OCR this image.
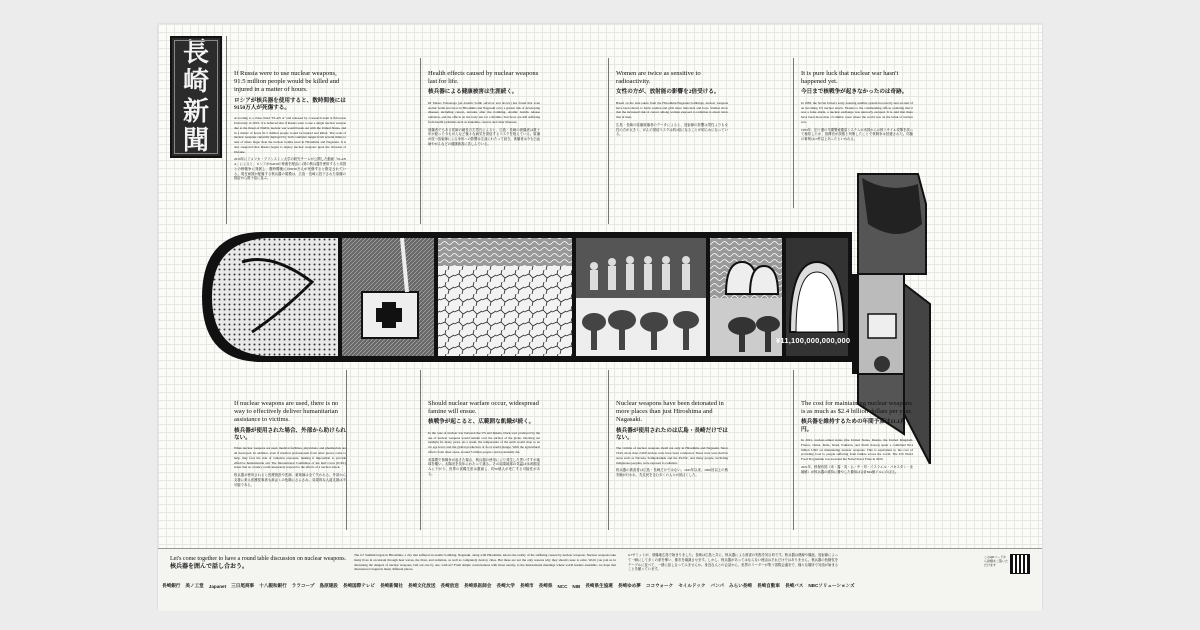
長
崎
新
聞
If Russia were to use nuclear weapons, 91.5 million people would be killed and injured in a matter of hours.
ロシアが核兵器を使用すると、数時間後には9150万人が死傷する。

According to a video titled "PLAN A" and released by a research team at Princeton University in 2019, it is believed that if Russia were to use a single nuclear weapon due to the threat of NATO, nuclear war would break out with the United States, and in a matter of hours 91.5 million people would be injured and killed. The scale of nuclear weapons currently deployed by both countries ranges from several times to tens of times larger than the nuclear bombs used in Hiroshima and Nagasaki. It is also suspected that Russia began to deploy nuclear weapons upon the invasion of Ukraine.

2019年にアメリカ・プリンストン大学の研究チームが公開した動画「PLAN A」によると、ロシアがNATOの脅威を理由に1発の核兵器を使用すると米国との核戦争に発展し、数時間後には9150万人が死傷すると推定されている。現在両国が配備する核兵器の規模は、広島・長崎に投下された原爆の数倍から数十倍に及ぶ。

Health effects caused by nuclear weapons last for life.
核兵器による健康被害は生涯続く。

Dr Masao Tomonaga (an Atomic bomb survivor and doctor) has found that even atomic bomb survivors in Hiroshima and Nagasaki carry a greater risk of developing diseases including cancer, decades after the bombing. Atomic bombs release radiation, and the effects on the body last for a lifetime. Survivors are still suffering from health problems such as leukemia, cancers and other illnesses.

被爆者でもある医師の朝長万左男氏によると、広島・長崎の被爆者は数十年が経った今もがんなど様々な病気を発症するリスクを抱えている。原爆が放つ放射線による身体への影響は生涯にわたって続き、被爆者は今も白血病やがんなどの健康被害に苦しんでいる。

Women are twice as sensitive to radioactivity.
女性の方が、放射能の影響を2倍受ける。

Based on the data taken from the Hiroshima/Nagasaki bombings, nuclear weapons have been shown to harm women and girls more than men and boys. Studies show that the increased risk of cancer among women exposed to radiation is about twice that of men.

広島・長崎の原爆被爆者のデータによると、放射線の影響は男性よりも女性の方が大きく、がんの発症リスクは約2倍になることが明らかになっている。

It is pure luck that nuclear war hasn't happened yet.
今日まで核戦争が起きなかったのは奇跡。

In 1983, the Soviet Union's early-warning satellite system incorrectly sent an alert of an incoming US nuclear attack. Thanks to the commanding officer realizing that it was a false alarm, a nuclear exchange was narrowly escaped. It is said that there have been more than 13 similar cases where the world was on the brink of nuclear war.

1983年、旧ソ連の早期警戒衛星システムが米国からの核ミサイル攻撃を誤って検知したが、指揮官が誤報と判断したことで核戦争は回避された。同様の事例は13件以上あったといわれる。

¥11,100,000,000,000
If nuclear weapons are used, there is no way to effectively deliver humanitarian assistance to victims.
核兵器が使用された場合、外部から助けられない。

When nuclear weapons are used, medical facilities, physicians, and pharmacists are all destroyed. In addition, even if medical professionals from other places come to help, they face the risk of radiation exposure, making it impossible to provide effective humanitarian aid. The International Committee of the Red Cross (ICRC) states that no country could adequately respond to the effects of a nuclear attack.

核兵器が使用されると医療施設や医師、薬剤師は全て失われる。外部から支援に来る医療従事者も被ばくの危険にさらされ、効果的な人道支援は不可能である。

Should nuclear warfare occur, widespread famine will ensue.
核戦争が起こると、広範囲な飢餓が続く。

In the case of nuclear war between the US and Russia, black soot produced by the use of nuclear weapons would remain over the surface of the globe, blocking out sunlight for many years. As a result, the temperature of the earth would drop to an ice age level, and the global production of food would plunge. With the agricultural effects from other areas, around 5 billion people could potentially die.

米露間で核戦争が起きた場合、核兵器の使用により発生した黒いすすが地球を覆い、太陽光を長年にわたって遮る。その結果地球の気温は氷河期並みに下がり、世界の食糧生産は激減し、約50億人が死亡する可能性がある。

Nuclear weapons have been detonated in more places than just Hiroshima and Nagasaki.
核兵器が使用されたのは広島・長崎だけではない。

The victims of nuclear weapons dwell not only in Hiroshima and Nagasaki. Since 1945, more than 2,000 nuclear tests have been conducted. These tests were held in areas such as Nevada, Semipalatinsk and the Pacific, and many people, including indigenous peoples, were exposed to radiation.

核兵器の被害者は広島・長崎だけではない。1945年以来、2000回以上の核実験が行われ、先住民を含む多くの人々が被ばくした。

The cost for maintaining nuclear weapons is as much as $2.4 billion dollars per year.
核兵器を維持するための年間予算は11.1兆円。

In 2021, nuclear-armed states (the United States, Russia, the United Kingdom, France, China, India, Israel, Pakistan, and North Korea) spent a combined 82.4 billion USD on maintaining nuclear weapons. This is equivalent to the cost of providing food to people suffering from famine across the world. The UN World Food Programme was awarded the Nobel Peace Prize in 2020.

2021年、核保有国（米・露・英・仏・中・印・イスラエル・パキスタン・北朝鮮）が核兵器の維持に費やした費用は合計824億ドルにのぼる。

Let's come together to have a round table discussion on nuclear weapons.
核兵器を囲んで話し合おう。
The G7 Summit began in Hiroshima, a city that suffered an atomic bombing. Nagasaki, along with Hiroshima, knows the reality of the suffering caused by nuclear weapons. Nuclear weapons take many lives in an instant through heat waves, the blast, and radiation, as well as completely destroy cities. But these are not the only reasons why they should cease to exist. Won't you join us in discussing the dangers of nuclear weapons, laid out one by one, with us? From simple conversations with those nearby, to the international meetings where world leaders assemble, we hope that discussion is begun in many different places.
G7サミットが、被爆地広島で始まりました。長崎は広島と共に、核兵器による被害の実態を知る町です。核兵器は熱線や爆風、放射線によって一瞬にして多くの命を奪い、都市を壊滅させます。しかし、核兵器があってはならない理由はそれだけではありません。核兵器の危険性をテーブルに並べて、一緒に話し合ってみませんか。身近な人との会話から、世界のリーダーが集う国際会議まで、様々な場所で対話が始まることを願っています。
このQRコードから詳細をご覧いただけます
長崎銀行 美ノ工堂 Japanet 三日尾商事 十八親和銀行 ララコープ 島原建設 長崎国際テレビ 長崎新聞社 長崎文化放送 長崎放送 長崎県医師会 長崎大学 長崎市 長崎県 NCC NIB 長崎県生協連 長崎ゆめ夢 ココウォーク セイルドック バンパ みらい長崎 長崎自動車 長崎バス NBCソリューションズ
